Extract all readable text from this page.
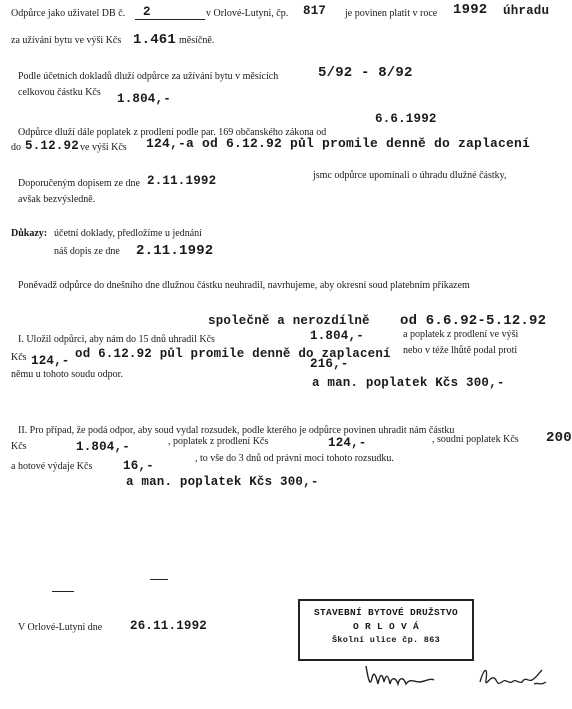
Odpůrce jako uživatel DB č. 2	v Orlové-Lutyni, čp. 817 je povinen platit v roce 1992 úhradu
za užívání bytu ve výši Kčs 1.461 měsíčně.
Podle účetních dokladů dluží odpůrce za užívání bytu v měsících	5/92 - 8/92
celkovou částku Kčs 1.804,-
Odpůrce dluží dále poplatek z prodlení podle par. 169 občanského zákona od
6.6.1992
do 5.12.92 ve výši Kčs 124,-a od 6.12.92 půl promile denně do zaplacení
Doporučeným dopisem ze dne 2.11.1992	jsmc odpůrce upomínali o úhradu dlužné částky,
avšak bezvýsledně.
Důkazy: účetní doklady, předložíme u jednání
náš dopis ze dne 2.11.1992
Poněvadž odpůrce do dnešního dne dlužnou částku neuhradil, navrhujeme, aby okresní soud platebním příkazem
společně a nerozdílně od 6.6.92-5.12.92
I. Uložil odpůrci, aby nám do 15 dnů uhradil Kčs	1.804,-	a poplatek z prodlení ve výši
Kčs 124,- od 6.12.92 půl promile denně do zaplacení
216,-
nebo v téže lhůtě podal proti
němu u tohoto soudu odpor.
a man. poplatek Kčs 300,-
II. Pro případ, že podá odpor, aby soud vydal rozsudek, podle kterého je odpůrce povinen uhradit nám částku
Kčs	1.804,-	, poplatek z prodlení Kčs	124,-	, soudní poplatek Kčs 200
a hotové výdaje Kčs 16,-
, to vše do 3 dnů od právní moci tohoto rozsudku.
a man. poplatek Kčs 300,-
V Orlové-Lutyni dne 26.11.1992
STAVEBNÍ BYTOVÉ DRUŽSTVO
O R L O V Á
Školní ulice čp. 863
